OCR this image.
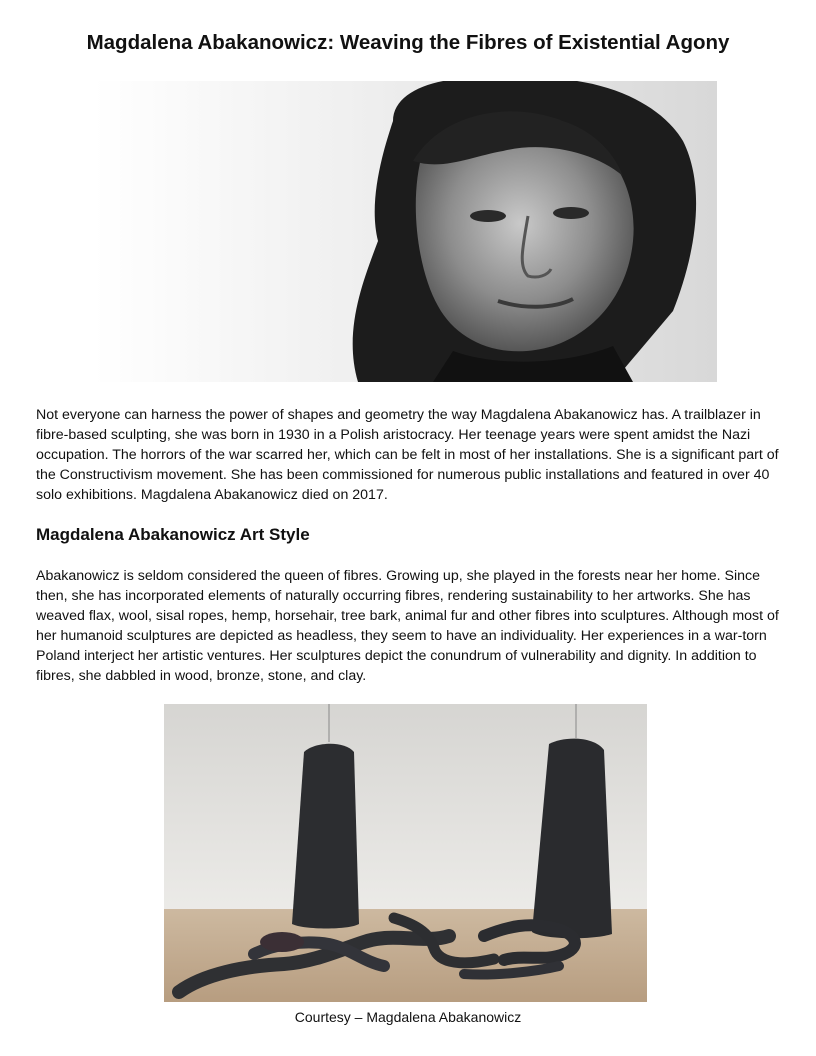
Magdalena Abakanowicz: Weaving the Fibres of Existential Agony

Not everyone can harness the power of shapes and geometry the way Magdalena Abakanowicz has. A trailblazer in fibre-based sculpting, she was born in 1930 in a Polish aristocracy. Her teenage years were spent amidst the Nazi occupation. The horrors of the war scarred her, which can be felt in most of her installations. She is a significant part of the Constructivism movement. She has been commissioned for numerous public installations and featured in over 40 solo exhibitions. Magdalena Abakanowicz died on 2017.

Magdalena Abakanowicz Art Style

Abakanowicz is seldom considered the queen of fibres. Growing up, she played in the forests near her home. Since then, she has incorporated elements of naturally occurring fibres, rendering sustainability to her artworks. She has weaved flax, wool, sisal ropes, hemp, horsehair, tree bark, animal fur and other fibres into sculptures. Although most of her humanoid sculptures are depicted as headless, they seem to have an individuality. Her experiences in a war-torn Poland interject her artistic ventures. Her sculptures depict the conundrum of vulnerability and dignity. In addition to fibres, she dabbled in wood, bronze, stone, and clay.

Courtesy – Magdalena Abakanowicz
